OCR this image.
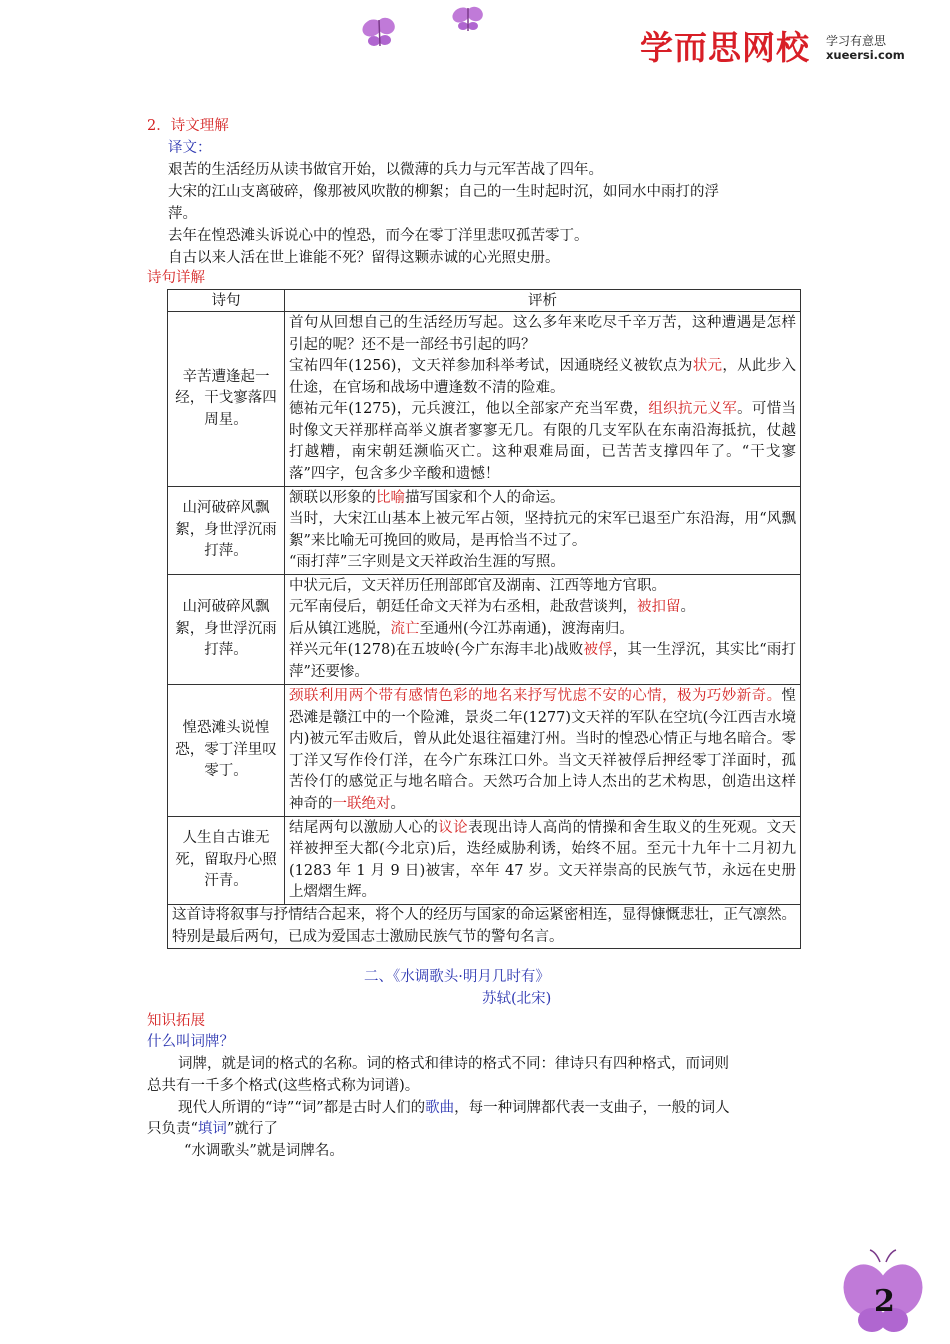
学而思网校 学习有意思
xueersi.com
2．诗文理解
译文：
艰苦的生活经历从读书做官开始，以微薄的兵力与元军苦战了四年。
大宋的江山支离破碎，像那被风吹散的柳絮；自己的一生时起时沉，如同水中雨打的浮
萍。
去年在惶恐滩头诉说心中的惶恐，而今在零丁洋里悲叹孤苦零丁。
自古以来人活在世上谁能不死？留得这颗赤诚的心光照史册。
诗句详解
诗句	评析
辛苦遭逢起一经，干戈寥落四周星。	首句从回想自己的生活经历写起。这么多年来吃尽千辛万苦，这种遭遇是怎样引起的呢？还不是一部经书引起的吗？

宝祐四年(1256)，文天祥参加科举考试，因通晓经义被钦点为状元，从此步入仕途，在官场和战场中遭逢数不清的险难。

德祐元年(1275)，元兵渡江，他以全部家产充当军费，组织抗元义军。可惜当时像文天祥那样高举义旗者寥寥无几。有限的几支军队在东南沿海抵抗，仗越打越糟，南宋朝廷濒临灭亡。这种艰难局面，已苦苦支撑四年了。“干戈寥落”四字，包含多少辛酸和遗憾！

山河破碎风飘絮，身世浮沉雨打萍。	颔联以形象的比喻描写国家和个人的命运。

当时，大宋江山基本上被元军占领，坚持抗元的宋军已退至广东沿海，用“风飘絮”来比喻无可挽回的败局，是再恰当不过了。

“雨打萍”三字则是文天祥政治生涯的写照。

山河破碎风飘絮，身世浮沉雨打萍。	中状元后，文天祥历任刑部郎官及湖南、江西等地方官职。

元军南侵后，朝廷任命文天祥为右丞相，赴敌营谈判，被扣留。

后从镇江逃脱，流亡至通州(今江苏南通)，渡海南归。

祥兴元年(1278)在五坡岭(今广东海丰北)战败被俘，其一生浮沉，其实比“雨打萍”还要惨。

惶恐滩头说惶恐，零丁洋里叹零丁。	颈联利用两个带有感情色彩的地名来抒写忧虑不安的心情，极为巧妙新奇。惶恐滩是赣江中的一个险滩，景炎二年(1277)文天祥的军队在空坑(今江西吉水境内)被元军击败后，曾从此处退往福建汀州。当时的惶恐心情正与地名暗合。零丁洋又写作伶仃洋，在今广东珠江口外。当文天祥被俘后押经零丁洋面时，孤苦伶仃的感觉正与地名暗合。天然巧合加上诗人杰出的艺术构思，创造出这样神奇的一联绝对。

人生自古谁无死，留取丹心照汗青。	结尾两句以激励人心的议论表现出诗人高尚的情操和舍生取义的生死观。文天祥被押至大都(今北京)后，迭经威胁利诱，始终不屈。至元十九年十二月初九(1283 年 1 月 9 日)被害，卒年 47 岁。文天祥崇高的民族气节，永远在史册上熠熠生辉。

这首诗将叙事与抒情结合起来，将个人的经历与国家的命运紧密相连，显得慷慨悲壮，正气凛然。特别是最后两句，已成为爱国志士激励民族气节的警句名言。	
二、《水调歌头·明月几时有》
苏轼(北宋)
知识拓展
什么叫词牌？
词牌，就是词的格式的名称。词的格式和律诗的格式不同：律诗只有四种格式，而词则
总共有一千多个格式(这些格式称为词谱)。
现代人所谓的“诗”“词”都是古时人们的歌曲，每一种词牌都代表一支曲子，一般的词人
只负责“填词”就行了
“水调歌头”就是词牌名。
2
